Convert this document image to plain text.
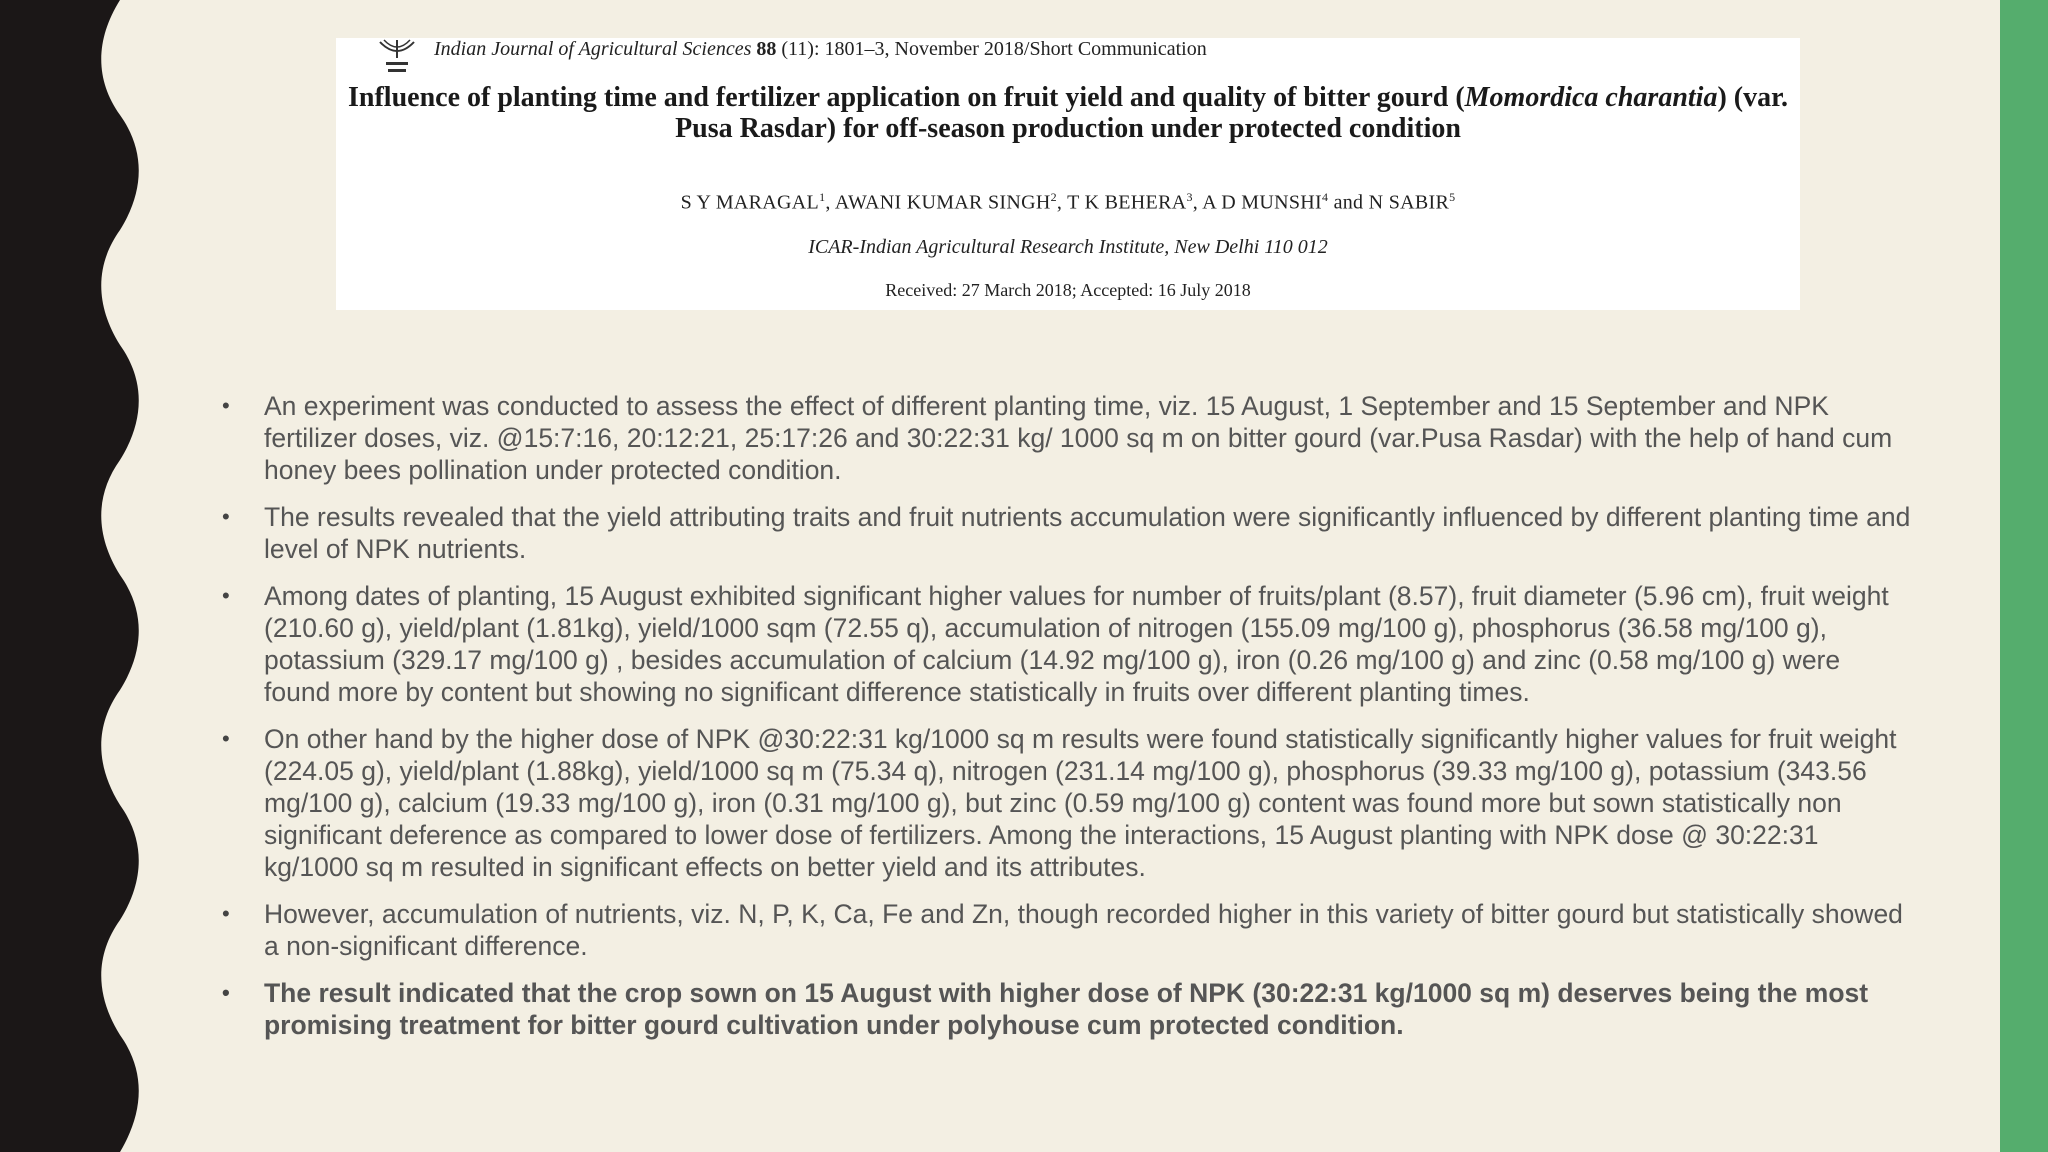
Indian Journal of Agricultural Sciences 88 (11): 1801–3, November 2018/Short Communication
Influence of planting time and fertilizer application on fruit yield and quality of bitter gourd (Momordica charantia) (var. Pusa Rasdar) for off-season production under protected condition
S Y MARAGAL$^1$, AWANI KUMAR SINGH$^2$, T K BEHERA$^3$, A D MUNSHI$^4$ and N SABIR$^5$
ICAR-Indian Agricultural Research Institute, New Delhi 110 012
Received: 27 March 2018; Accepted: 16 July 2018
• An experiment was conducted to assess the effect of different planting time, viz. 15 August, 1 September and 15 September and NPK fertilizer doses, viz. @15:7:16, 20:12:21, 25:17:26 and 30:22:31 kg/ 1000 sq m on bitter gourd (var.Pusa Rasdar) with the help of hand cum honey bees pollination under protected condition.
• The results revealed that the yield attributing traits and fruit nutrients accumulation were significantly influenced by different planting time and level of NPK nutrients.
• Among dates of planting, 15 August exhibited significant higher values for number of fruits/plant (8.57), fruit diameter (5.96 cm), fruit weight (210.60 g), yield/plant (1.81kg), yield/1000 sqm (72.55 q), accumulation of nitrogen (155.09 mg/100 g), phosphorus (36.58 mg/100 g), potassium (329.17 mg/100 g) , besides accumulation of calcium (14.92 mg/100 g), iron (0.26 mg/100 g) and zinc (0.58 mg/100 g) were found more by content but showing no significant difference statistically in fruits over different planting times.
• On other hand by the higher dose of NPK @30:22:31 kg/1000 sq m results were found statistically significantly higher values for fruit weight (224.05 g), yield/plant (1.88kg), yield/1000 sq m (75.34 q), nitrogen (231.14 mg/100 g), phosphorus (39.33 mg/100 g), potassium (343.56 mg/100 g), calcium (19.33 mg/100 g), iron (0.31 mg/100 g), but zinc (0.59 mg/100 g) content was found more but sown statistically non significant deference as compared to lower dose of fertilizers. Among the interactions, 15 August planting with NPK dose @ 30:22:31 kg/1000 sq m resulted in significant effects on better yield and its attributes.
• However, accumulation of nutrients, viz. N, P, K, Ca, Fe and Zn, though recorded higher in this variety of bitter gourd but statistically showed a non-significant difference.
• The result indicated that the crop sown on 15 August with higher dose of NPK (30:22:31 kg/1000 sq m) deserves being the most promising treatment for bitter gourd cultivation under polyhouse cum protected condition.
